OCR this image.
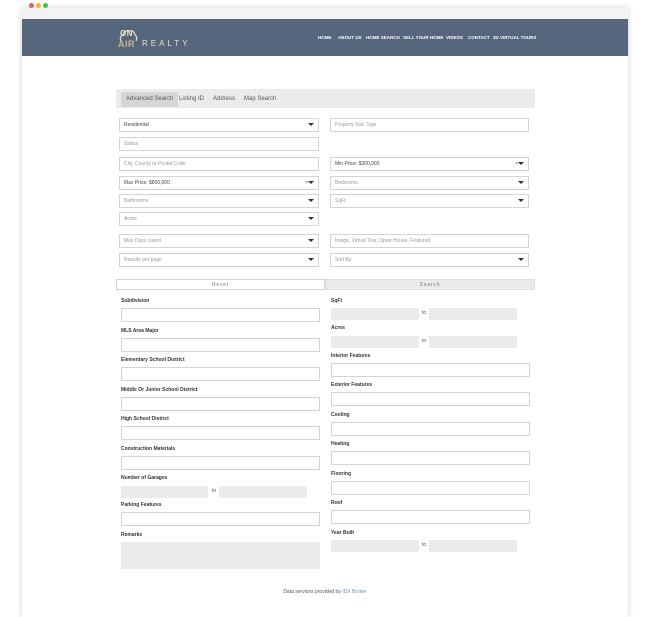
ON
AIR REALTY
HOME ABOUT US HOME SEARCH SELL YOUR HOME VIDEOS CONTACT 3D VIRTUAL TOURS
Advanced Search Listing ID	Address	Map Search
Residential	Property Sub Type
Status
City, County or Postal Code	Min Price: $300,000	×
Max Price: $800,000	×	Bedrooms
Bathrooms	SqFt
Acres
Max Days Listed	Image, Virtual Tour, Open House, Featured
Results per page	Sort By
Reset	Search
Subdivision
MLS Area Major
Elementary School District
Middle Or Junior School District
High School District
Construction Materials
Number of Garages
to
Parking Features
Remarks
SqFt
to
Acres
to
Interior Features
Exterior Features
Cooling
Heating
Flooring
Roof
Year Built
to
Data services provided by IDX Broker
